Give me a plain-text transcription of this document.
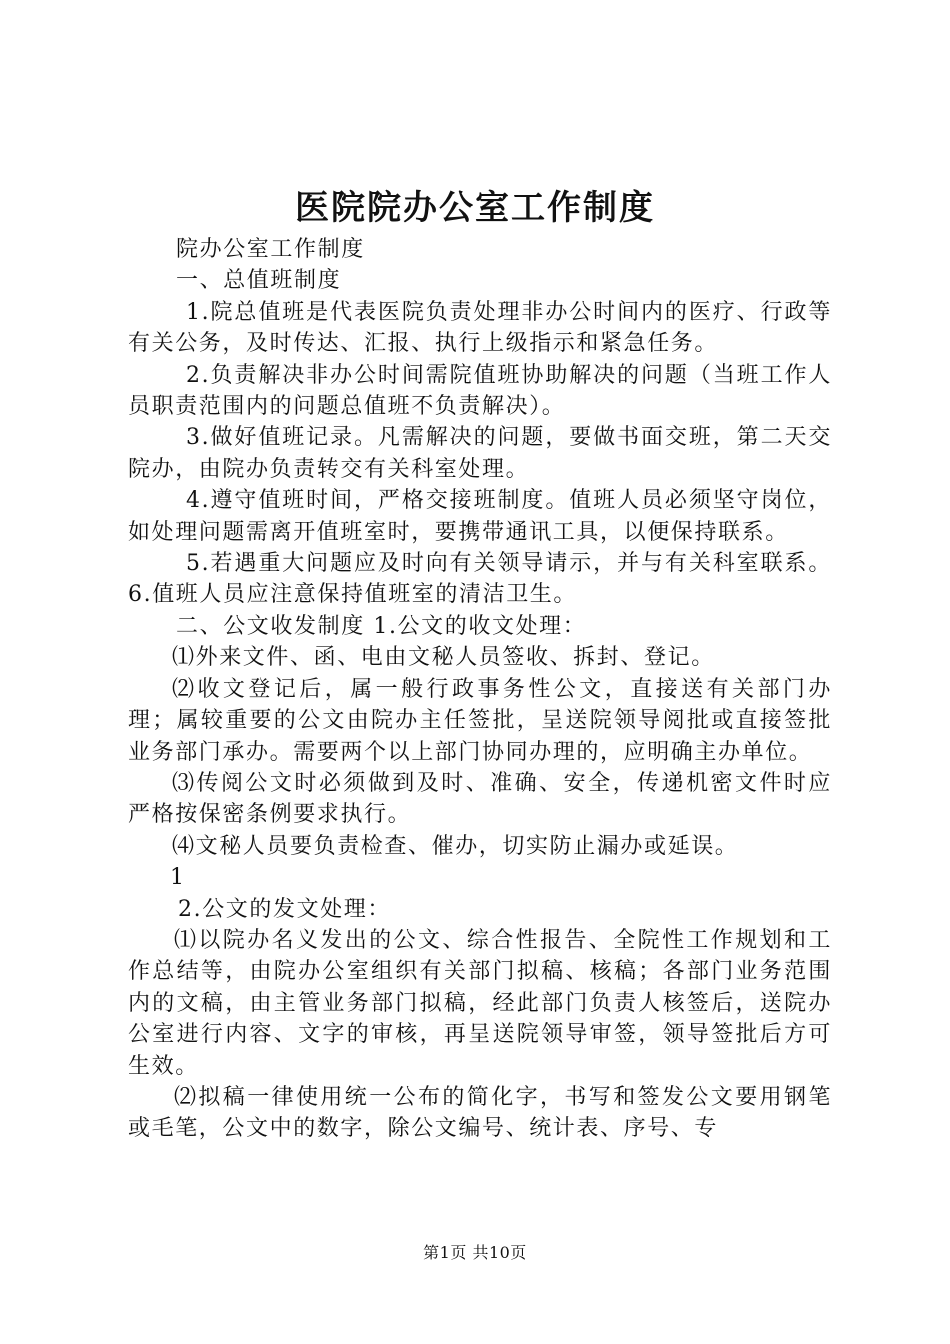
医院院办公室工作制度

院办公室工作制度

一、总值班制度

1.院总值班是代表医院负责处理非办公时间内的医疗、行政等有关公务，及时传达、汇报、执行上级指示和紧急任务。

2.负责解决非办公时间需院值班协助解决的问题（当班工作人员职责范围内的问题总值班不负责解决）。

3.做好值班记录。凡需解决的问题，要做书面交班，第二天交院办，由院办负责转交有关科室处理。

4.遵守值班时间，严格交接班制度。值班人员必须坚守岗位，如处理问题需离开值班室时，要携带通讯工具，以便保持联系。

5.若遇重大问题应及时向有关领导请示，并与有关科室联系。 6.值班人员应注意保持值班室的清洁卫生。

二、公文收发制度 1.公文的收文处理：

⑴外来文件、函、电由文秘人员签收、拆封、登记。

⑵收文登记后，属一般行政事务性公文，直接送有关部门办理；属较重要的公文由院办主任签批，呈送院领导阅批或直接签批业务部门承办。需要两个以上部门协同办理的，应明确主办单位。

⑶传阅公文时必须做到及时、准确、安全，传递机密文件时应严格按保密条例要求执行。

⑷文秘人员要负责检查、催办，切实防止漏办或延误。

1

2.公文的发文处理：

⑴以院办名义发出的公文、综合性报告、全院性工作规划和工作总结等，由院办公室组织有关部门拟稿、核稿；各部门业务范围内的文稿，由主管业务部门拟稿，经此部门负责人核签后，送院办公室进行内容、文字的审核，再呈送院领导审签，领导签批后方可生效。

⑵拟稿一律使用统一公布的简化字，书写和签发公文要用钢笔或毛笔，公文中的数字，除公文编号、统计表、序号、专

第1页 共10页
